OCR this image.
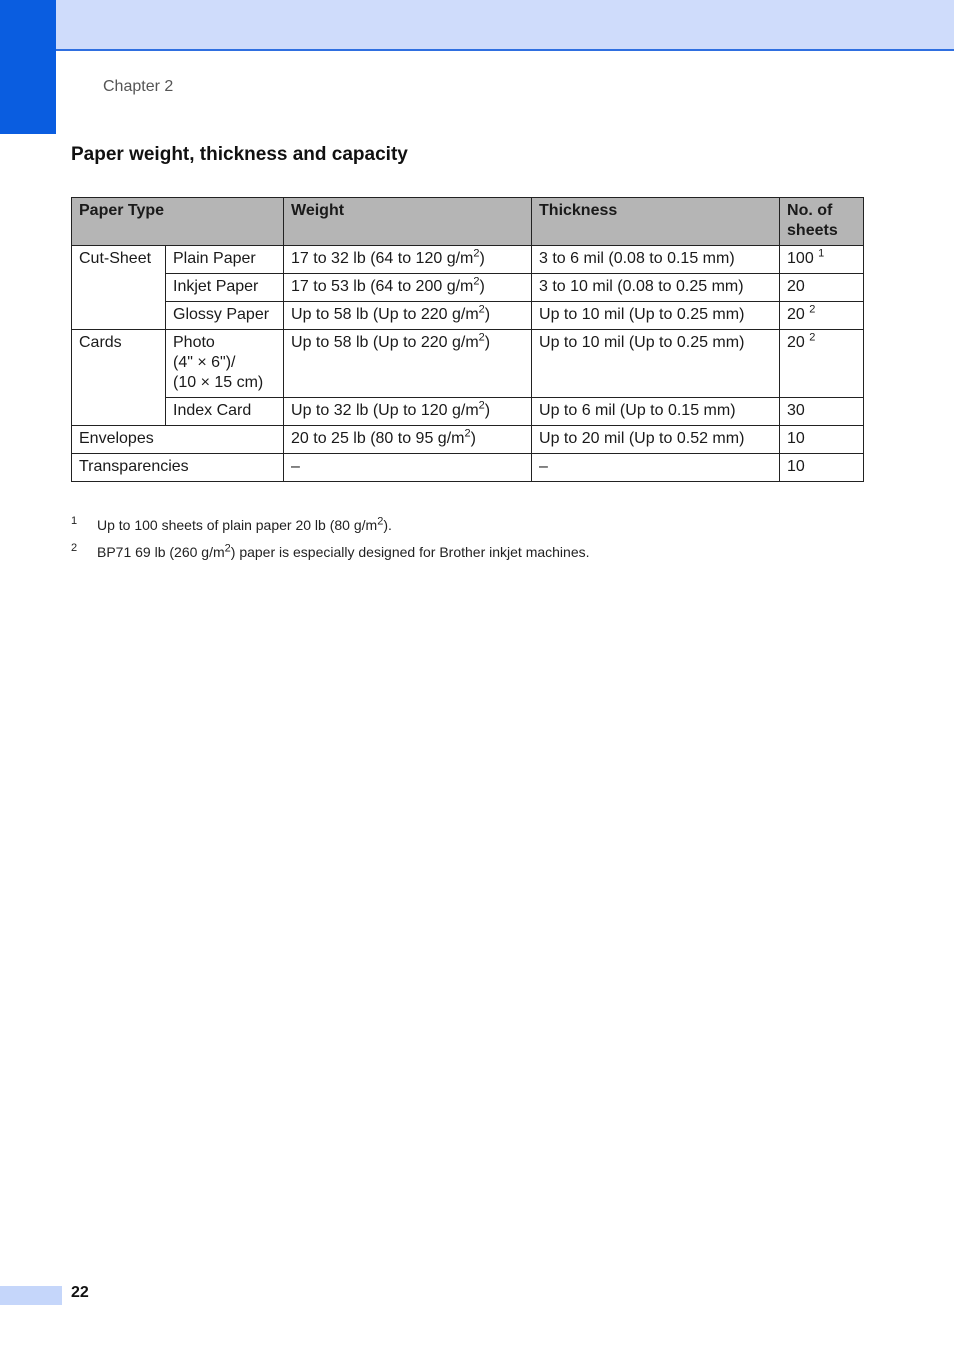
Chapter 2
Paper weight, thickness and capacity
Paper Type		Weight	Thickness	No. of
sheets
Cut-Sheet	Plain Paper	17 to 32 lb (64 to 120 $g/m^2$)	3 to 6 mil (0.08 to 0.15 mm)	100 $^1$
	Inkjet Paper	17 to 53 lb (64 to 200 $g/m^2$)	3 to 10 mil (0.08 to 0.25 mm)	20
	Glossy Paper	Up to 58 lb (Up to 220 $g/m^2$)	Up to 10 mil (Up to 0.25 mm)	20 $^2$
Cards	Photo
(4" × 6")/
(10 × 15 cm)	Up to 58 lb (Up to 220 $g/m^2$)	Up to 10 mil (Up to 0.25 mm)	20 $^2$
	Index Card	Up to 32 lb (Up to 120 $g/m^2$)	Up to 6 mil (Up to 0.15 mm)	30
Envelopes		20 to 25 lb (80 to 95 $g/m^2$)	Up to 20 mil (Up to 0.52 mm)	10
Transparencies		–	–	10
1 Up to 100 sheets of plain paper 20 lb (80 $g/m^2$).
2 BP71 69 lb (260 $g/m^2$) paper is especially designed for Brother inkjet machines.
22
